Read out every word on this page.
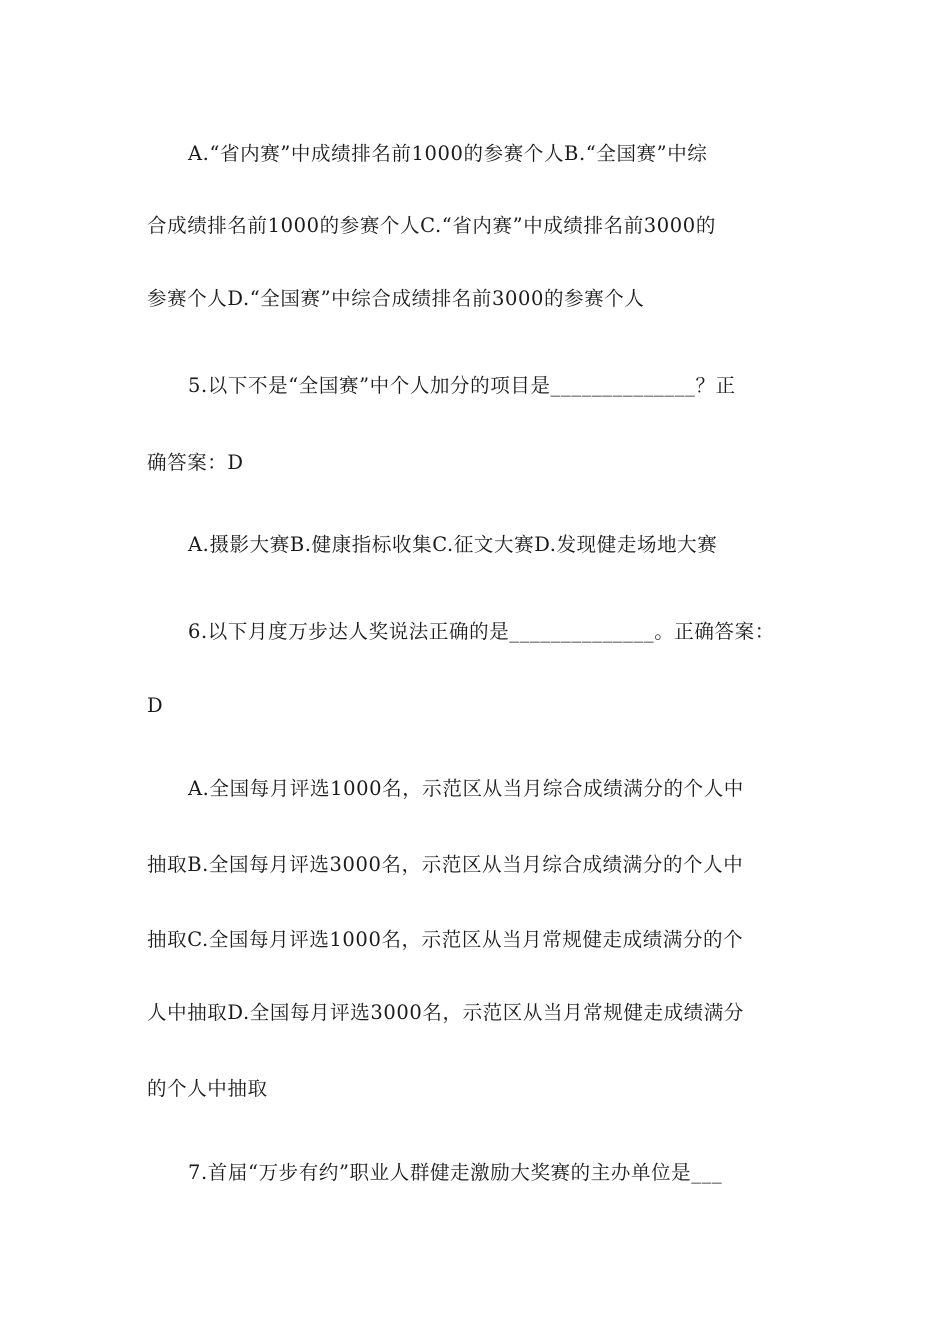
A.“省内赛”中成绩排名前1000的参赛个人B.“全国赛”中综
合成绩排名前1000的参赛个人C.“省内赛”中成绩排名前3000的
参赛个人D.“全国赛”中综合成绩排名前3000的参赛个人
5.以下不是“全国赛”中个人加分的项目是______________？正
确答案：D
A.摄影大赛B.健康指标收集C.征文大赛D.发现健走场地大赛
6.以下月度万步达人奖说法正确的是______________。正确答案：
D
A.全国每月评选1000名，示范区从当月综合成绩满分的个人中
抽取B.全国每月评选3000名，示范区从当月综合成绩满分的个人中
抽取C.全国每月评选1000名，示范区从当月常规健走成绩满分的个
人中抽取D.全国每月评选3000名，示范区从当月常规健走成绩满分
的个人中抽取
7.首届“万步有约”职业人群健走激励大奖赛的主办单位是___
